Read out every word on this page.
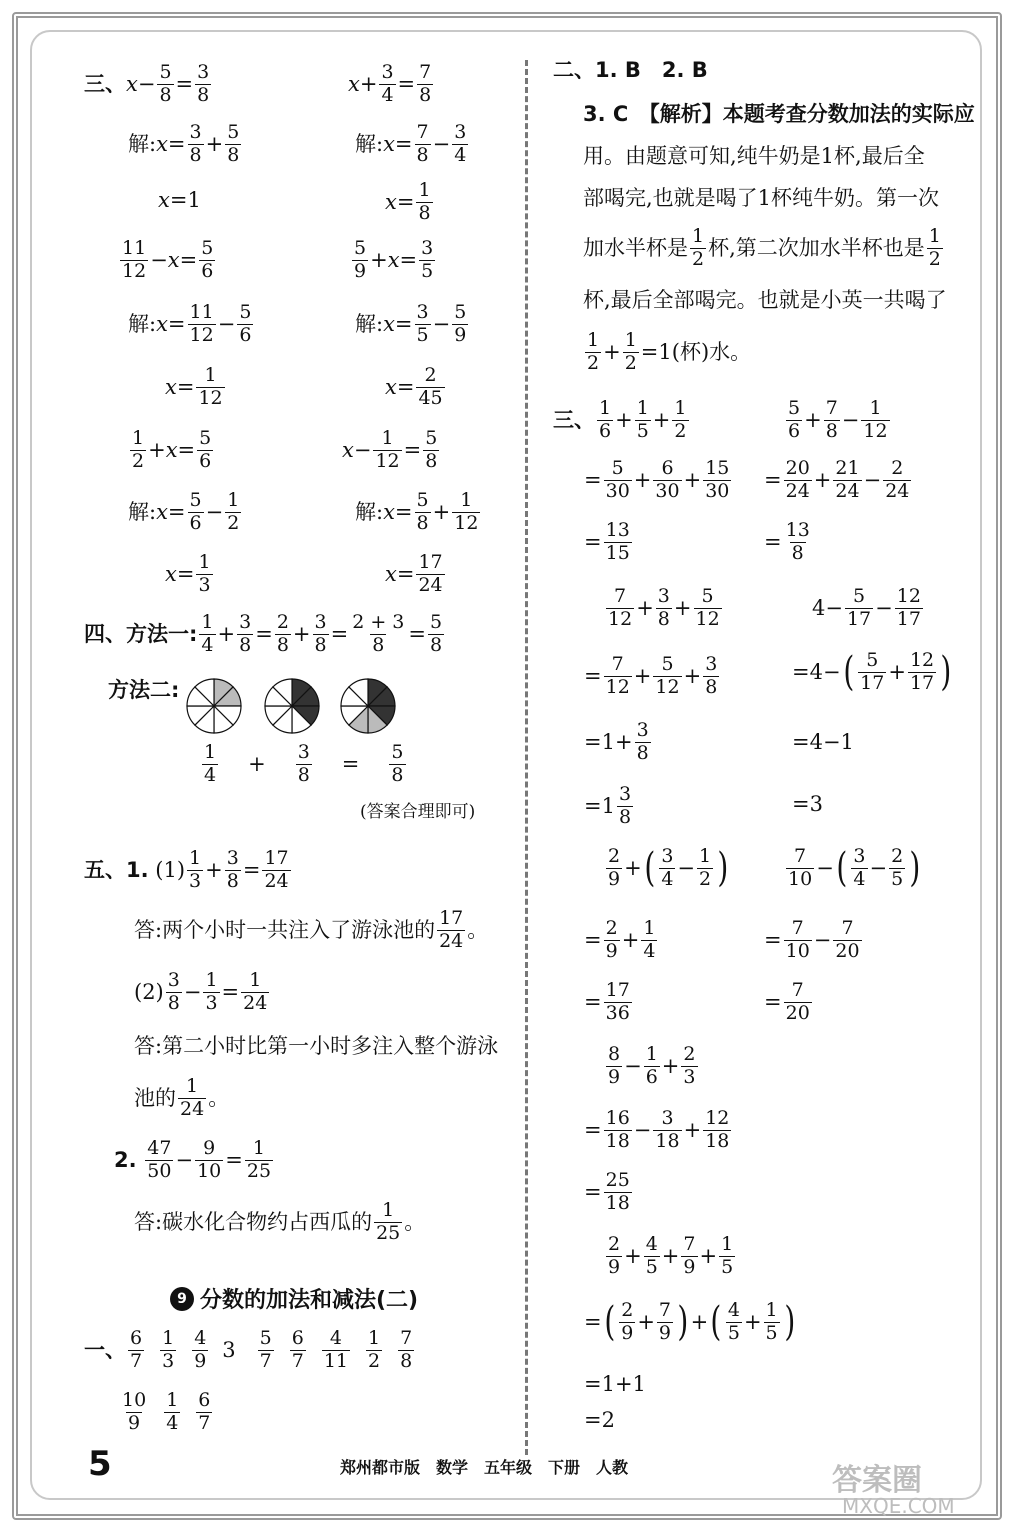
三、 $x - \frac{5}{8} = \frac{3}{8}$
解: $x = \frac{3}{8} + \frac{5}{8}$
x =1
$\frac{11}{12} - x = \frac{5}{6}$
解: $x = \frac{11}{12} - \frac{5}{6}$
$x = \frac{1}{12}$
$\frac{1}{2} + x = \frac{5}{6}$
解: $x = \frac{5}{6} - \frac{1}{2}$
$x = \frac{1}{3}$
$x + \frac{3}{4} = \frac{7}{8}$
解: $x = \frac{7}{8} - \frac{3}{4}$
$x = \frac{1}{8}$
$\frac{5}{9} + x = \frac{3}{5}$
解: $x = \frac{3}{5} - \frac{5}{9}$
$x = \frac{2}{45}$
$x - \frac{1}{12} = \frac{5}{8}$
解: $x = \frac{5}{8} + \frac{1}{12}$
$x = \frac{17}{24}$
四、方法一: $\frac{1}{4} + \frac{3}{8} = \frac{2}{8} + \frac{3}{8} = \frac{2 + 3}{8} = \frac{5}{8}$
方法二:
$\frac{1}{4} + \frac{3}{8} = \frac{5}{8}$
(答案合理即可)
五、1.
$(1) \frac{1}{3} + \frac{3}{8} = \frac{17}{24}$
答:两个小时一共注入了游泳池的 $\frac{17}{24}$ 。
$(2) \frac{3}{8} - \frac{1}{3} = \frac{1}{24}$
答:第二小时比第一小时多注入整个游泳
池的 $\frac{1}{24}$ 。
2.
$\frac{47}{50} - \frac{9}{10} = \frac{1}{25}$
答:碳水化合物约占西瓜的 $\frac{1}{25}$ 。
9 分数的加法和减法(二)
一、 $\frac{6}{7} \frac{1}{3} \frac{4}{9} 3 \frac{5}{7} \frac{6}{7} \frac{4}{11} \frac{1}{2} \frac{7}{8}$
$\frac{10}{9} \frac{1}{4} \frac{6}{7}$
二、1. B　2. B
3. C　【解析】本题考查分数加法的实际应
用。由题意可知,纯牛奶是1杯,最后全
部喝完,也就是喝了1杯纯牛奶。第一次
加水半杯是 $\frac{1}{2}$ 杯,第二次加水半杯也是 $\frac{1}{2}$
杯,最后全部喝完。也就是小英一共喝了
$\frac{1}{2} + \frac{1}{2} =1$(杯)水。
三、 $\frac{1}{6} + \frac{1}{5} + \frac{1}{2}$
= $\frac{5}{30} + \frac{6}{30} + \frac{15}{30}$
= $\frac{13}{15}$
$\frac{5}{6} + \frac{7}{8} - \frac{1}{12}$
= $\frac{20}{24} + \frac{21}{24} - \frac{2}{24}$
= $\frac{13}{8}$
$\frac{7}{12} + \frac{3}{8} + \frac{5}{12}$
= $\frac{7}{12} + \frac{5}{12} + \frac{3}{8}$
$=1+ \frac{3}{8}$
$=1 \frac{3}{8}$
$4- \frac{5}{17} - \frac{12}{17}$
=4− ( $\frac{5}{17} + \frac{12}{17}$ )
=4−1
=3
$\frac{2}{9}$ + ( $\frac{3}{4} - \frac{1}{2}$ )
= $\frac{2}{9} + \frac{1}{4}$
= $\frac{17}{36}$
$\frac{7}{10}$ − ( $\frac{3}{4} - \frac{2}{5}$ )
= $\frac{7}{10} - \frac{7}{20}$
= $\frac{7}{20}$
$\frac{8}{9} - \frac{1}{6} + \frac{2}{3}$
= $\frac{16}{18} - \frac{3}{18} + \frac{12}{18}$
= $\frac{25}{18}$
$\frac{2}{9} + \frac{4}{5} + \frac{7}{9} + \frac{1}{5}$
= ( $\frac{2}{9} + \frac{7}{9}$ ) + ( $\frac{4}{5} + \frac{1}{5}$ )
=1+1
=2
5	郑州都市版　数学　五年级　下册　人教	答案圈
MXQE.COM
